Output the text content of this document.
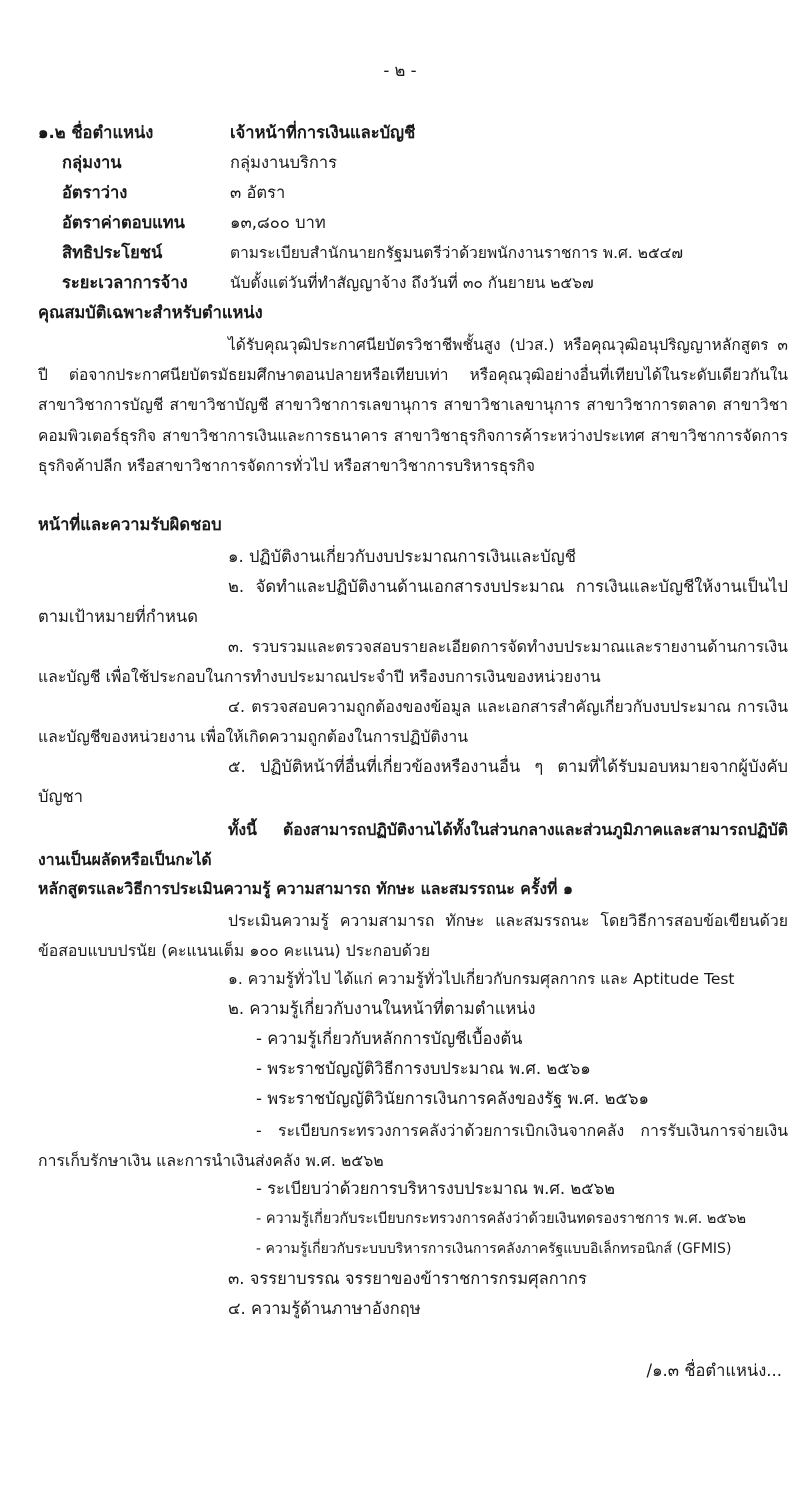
- ๒ -
๑.๒ ชื่อตำแหน่ง	เจ้าหน้าที่การเงินและบัญชี
กลุ่มงาน	กลุ่มงานบริการ
อัตราว่าง	๓ อัตรา
อัตราค่าตอบแทน	๑๓,๘๐๐ บาท
สิทธิประโยชน์	ตามระเบียบสำนักนายกรัฐมนตรีว่าด้วยพนักงานราชการ พ.ศ. ๒๕๔๗
ระยะเวลาการจ้าง	นับตั้งแต่วันที่ทำสัญญาจ้าง ถึงวันที่ ๓๐ กันยายน ๒๕๖๗
คุณสมบัติเฉพาะสำหรับตำแหน่ง
ได้รับคุณวุฒิประกาศนียบัตรวิชาชีพชั้นสูง (ปวส.) หรือคุณวุฒิอนุปริญญาหลักสูตร ๓ ปี ต่อจากประกาศนียบัตรมัธยมศึกษาตอนปลายหรือเทียบเท่า หรือคุณวุฒิอย่างอื่นที่เทียบได้ในระดับเดียวกันในสาขาวิชาการบัญชี สาขาวิชาบัญชี สาขาวิชาการเลขานุการ สาขาวิชาเลขานุการ สาขาวิชาการตลาด สาขาวิชาคอมพิวเตอร์ธุรกิจ สาขาวิชาการเงินและการธนาคาร สาขาวิชาธุรกิจการค้าระหว่างประเทศ สาขาวิชาการจัดการธุรกิจค้าปลีก หรือสาขาวิชาการจัดการทั่วไป หรือสาขาวิชาการบริหารธุรกิจ
หน้าที่และความรับผิดชอบ
๑. ปฏิบัติงานเกี่ยวกับงบประมาณการเงินและบัญชี
๒. จัดทำและปฏิบัติงานด้านเอกสารงบประมาณ การเงินและบัญชีให้งานเป็นไปตามเป้าหมายที่กำหนด
๓. รวบรวมและตรวจสอบรายละเอียดการจัดทำงบประมาณและรายงานด้านการเงินและบัญชี เพื่อใช้ประกอบในการทำงบประมาณประจำปี หรืองบการเงินของหน่วยงาน
๔. ตรวจสอบความถูกต้องของข้อมูล และเอกสารสำคัญเกี่ยวกับงบประมาณ การเงินและบัญชีของหน่วยงาน เพื่อให้เกิดความถูกต้องในการปฏิบัติงาน
๕. ปฏิบัติหน้าที่อื่นที่เกี่ยวข้องหรืองานอื่น ๆ ตามที่ได้รับมอบหมายจากผู้บังคับบัญชา
ทั้งนี้ ต้องสามารถปฏิบัติงานได้ทั้งในส่วนกลางและส่วนภูมิภาคและสามารถปฏิบัติงานเป็นผลัดหรือเป็นกะได้
หลักสูตรและวิธีการประเมินความรู้ ความสามารถ ทักษะ และสมรรถนะ ครั้งที่ ๑
ประเมินความรู้ ความสามารถ ทักษะ และสมรรถนะ โดยวิธีการสอบข้อเขียนด้วยข้อสอบแบบปรนัย (คะแนนเต็ม ๑๐๐ คะแนน) ประกอบด้วย
๑. ความรู้ทั่วไป ได้แก่ ความรู้ทั่วไปเกี่ยวกับกรมศุลกากร และ Aptitude Test
๒. ความรู้เกี่ยวกับงานในหน้าที่ตามตำแหน่ง
- ความรู้เกี่ยวกับหลักการบัญชีเบื้องต้น
- พระราชบัญญัติวิธีการงบประมาณ พ.ศ. ๒๕๖๑
- พระราชบัญญัติวินัยการเงินการคลังของรัฐ พ.ศ. ๒๕๖๑
- ระเบียบกระทรวงการคลังว่าด้วยการเบิกเงินจากคลัง การรับเงินการจ่ายเงิน การเก็บรักษาเงิน และการนำเงินส่งคลัง พ.ศ. ๒๕๖๒
- ระเบียบว่าด้วยการบริหารงบประมาณ พ.ศ. ๒๕๖๒
- ความรู้เกี่ยวกับระเบียบกระทรวงการคลังว่าด้วยเงินทดรองราชการ พ.ศ. ๒๕๖๒
- ความรู้เกี่ยวกับระบบบริหารการเงินการคลังภาครัฐแบบอิเล็กทรอนิกส์ (GFMIS)
๓. จรรยาบรรณ จรรยาของข้าราชการกรมศุลกากร
๔. ความรู้ด้านภาษาอังกฤษ
/๑.๓ ชื่อตำแหน่ง...
